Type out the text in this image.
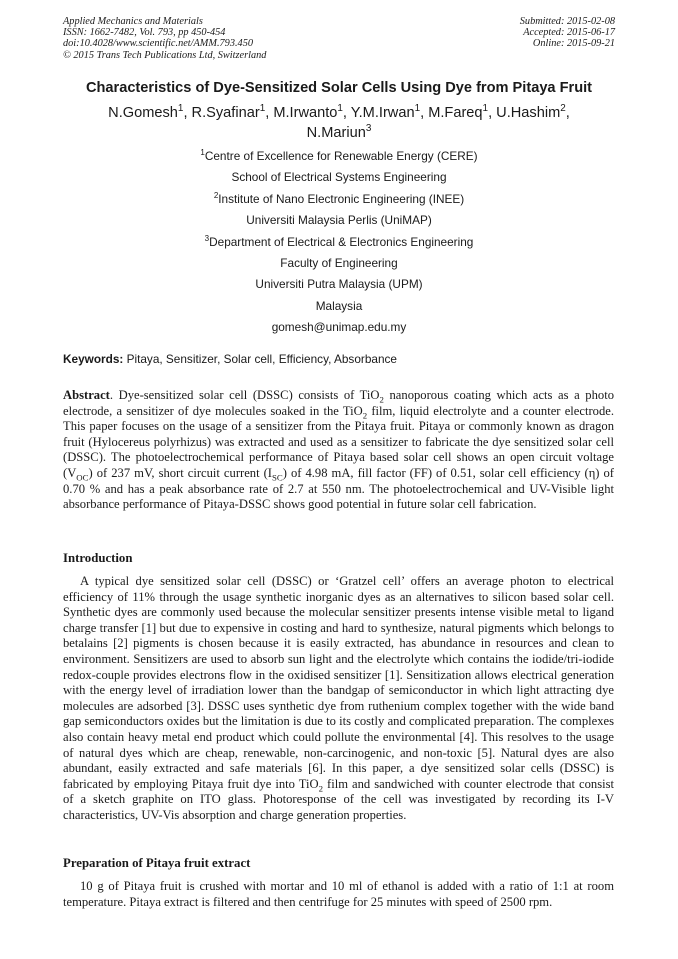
Applied Mechanics and Materials
ISSN: 1662-7482, Vol. 793, pp 450-454
doi:10.4028/www.scientific.net/AMM.793.450
© 2015 Trans Tech Publications Ltd, Switzerland
Submitted: 2015-02-08
Accepted: 2015-06-17
Online: 2015-09-21
Characteristics of Dye-Sensitized Solar Cells Using Dye from Pitaya Fruit
N.Gomesh$^1$, R.Syafinar$^1$, M.Irwanto$^1$, Y.M.Irwan$^1$, M.Fareq$^1$, U.Hashim$^2$,
N.Mariun$^3$
$^1$Centre of Excellence for Renewable Energy (CERE)
School of Electrical Systems Engineering
$^2$Institute of Nano Electronic Engineering (INEE)
Universiti Malaysia Perlis (UniMAP)
$^3$Department of Electrical & Electronics Engineering
Faculty of Engineering
Universiti Putra Malaysia (UPM)
Malaysia
gomesh@unimap.edu.my
Keywords: Pitaya, Sensitizer, Solar cell, Efficiency, Absorbance
Abstract. Dye-sensitized solar cell (DSSC) consists of TiO$_2$ nanoporous coating which acts as a photo electrode, a sensitizer of dye molecules soaked in the TiO$_2$ film, liquid electrolyte and a counter electrode. This paper focuses on the usage of a sensitizer from the Pitaya fruit. Pitaya or commonly known as dragon fruit (Hylocereus polyrhizus) was extracted and used as a sensitizer to fabricate the dye sensitized solar cell (DSSC). The photoelectrochemical performance of Pitaya based solar cell shows an open circuit voltage $(V_{OC})$ of 237 mV, short circuit current $(I_{SC})$ of 4.98 mA, fill factor (FF) of 0.51, solar cell efficiency (η) of 0.70 % and has a peak absorbance rate of 2.7 at 550 nm. The photoelectrochemical and UV-Visible light absorbance performance of Pitaya-DSSC shows good potential in future solar cell fabrication.
Introduction
A typical dye sensitized solar cell (DSSC) or ‘Gratzel cell’ offers an average photon to electrical efficiency of 11% through the usage synthetic inorganic dyes as an alternatives to silicon based solar cell. Synthetic dyes are commonly used because the molecular sensitizer presents intense visible metal to ligand charge transfer [1] but due to expensive in costing and hard to synthesize, natural pigments which belongs to betalains [2] pigments is chosen because it is easily extracted, has abundance in resources and clean to environment. Sensitizers are used to absorb sun light and the electrolyte which contains the iodide/tri-iodide redox-couple provides electrons flow in the oxidised sensitizer [1]. Sensitization allows electrical generation with the energy level of irradiation lower than the bandgap of semiconductor in which light attracting dye molecules are adsorbed [3]. DSSC uses synthetic dye from ruthenium complex together with the wide band gap semiconductors oxides but the limitation is due to its costly and complicated preparation. The complexes also contain heavy metal end product which could pollute the environmental [4]. This resolves to the usage of natural dyes which are cheap, renewable, non-carcinogenic, and non-toxic [5]. Natural dyes are also abundant, easily extracted and safe materials [6]. In this paper, a dye sensitized solar cells (DSSC) is fabricated by employing Pitaya fruit dye into TiO$_2$ film and sandwiched with counter electrode that consist of a sketch graphite on ITO glass. Photoresponse of the cell was investigated by recording its I-V characteristics, UV-Vis absorption and charge generation properties.
Preparation of Pitaya fruit extract
10 g of Pitaya fruit is crushed with mortar and 10 ml of ethanol is added with a ratio of 1:1 at room temperature. Pitaya extract is filtered and then centrifuge for 25 minutes with speed of 2500 rpm.
